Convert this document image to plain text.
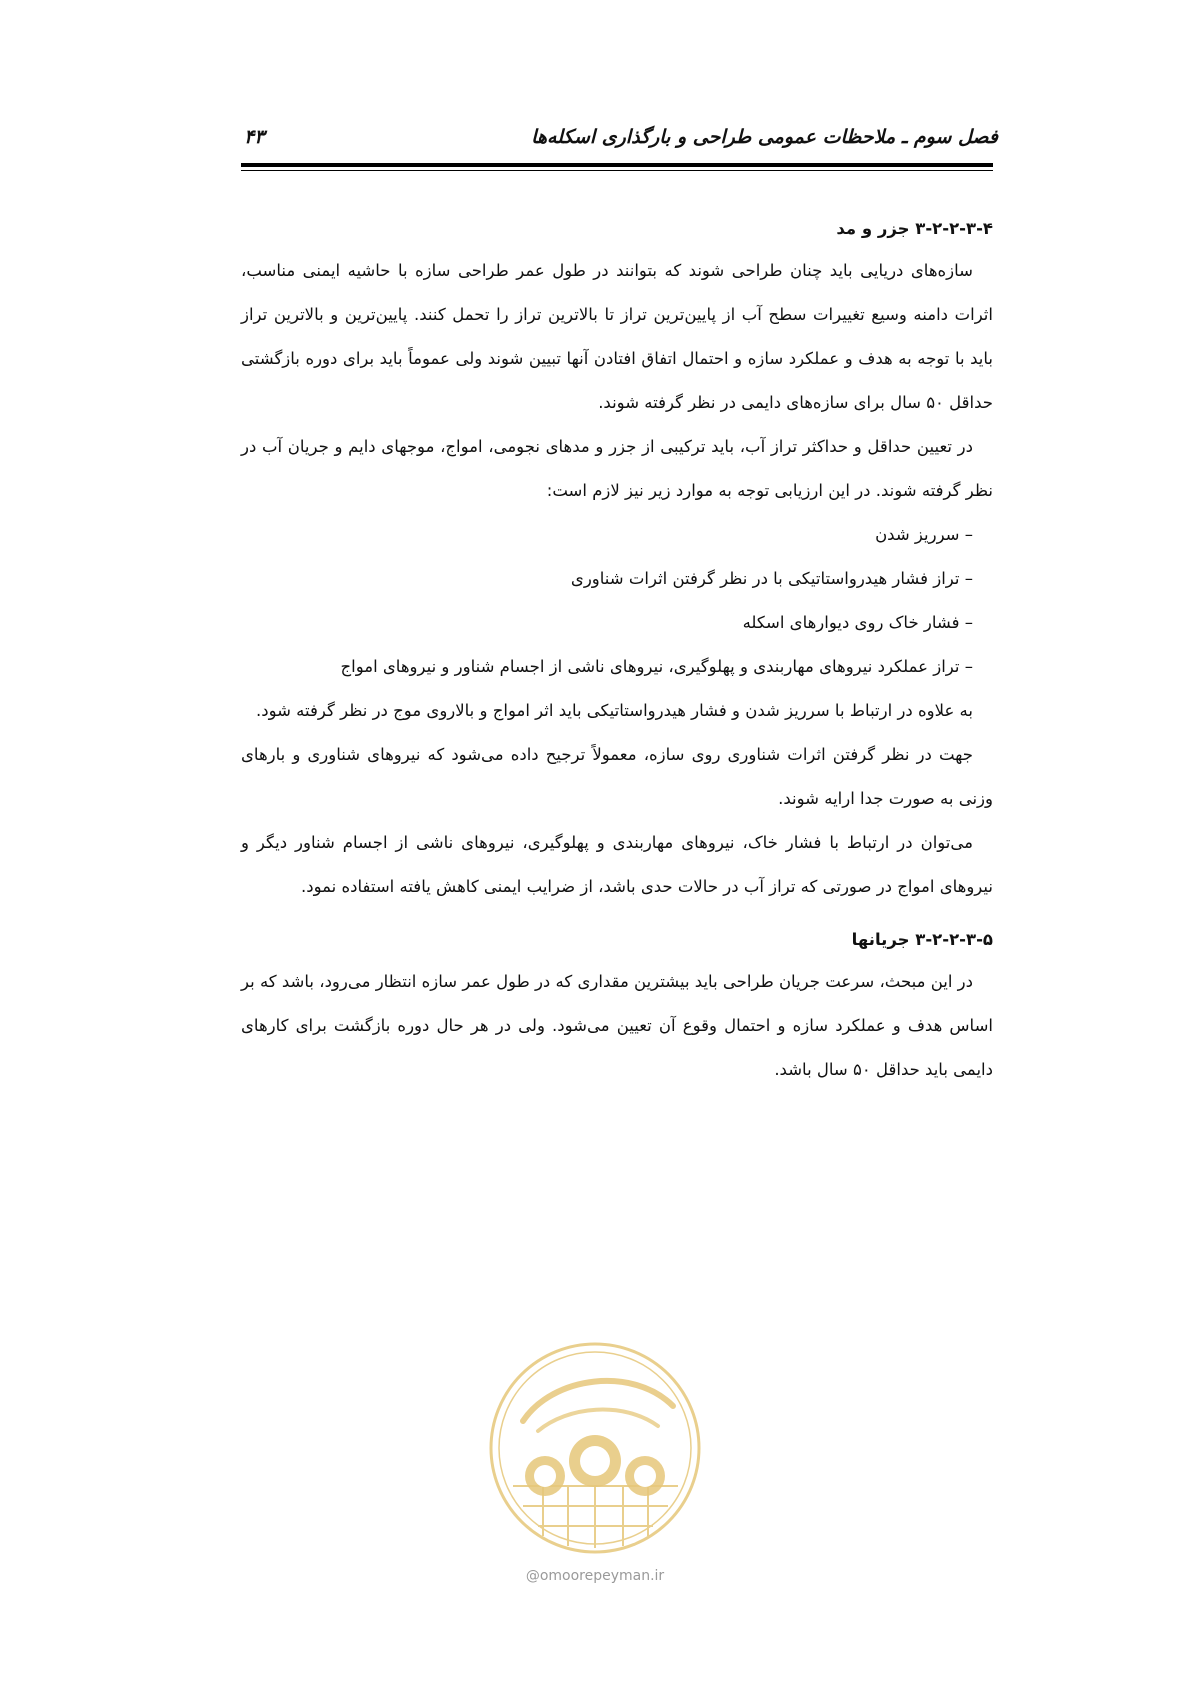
فصل سوم ـ ملاحظات عمومی طراحی و بارگذاری اسکله‌ها
۴۳
۳-۲-۲-۳-۴ جزر و مد

سازه‌های دریایی باید چنان طراحی شوند که بتوانند در طول عمر طراحی سازه با حاشیه ایمنی مناسب، اثرات دامنه وسیع تغییرات سطح آب از پایین‌ترین تراز تا بالاترین تراز را تحمل کنند. پایین‌ترین و بالاترین تراز باید با توجه به هدف و عملکرد سازه و احتمال اتفاق افتادن آنها تبیین شوند ولی عموماً باید برای دوره بازگشتی حداقل ۵۰ سال برای سازه‌های دایمی در نظر گرفته شوند.

در تعیین حداقل و حداکثر تراز آب، باید ترکیبی از جزر و مدهای نجومی، امواج، موجهای دایم و جریان آب در نظر گرفته شوند. در این ارزیابی توجه به موارد زیر نیز لازم است:

– سرریز شدن

– تراز فشار هیدرواستاتیکی با در نظر گرفتن اثرات شناوری

– فشار خاک روی دیوارهای اسکله

– تراز عملکرد نیروهای مهاربندی و پهلوگیری، نیروهای ناشی از اجسام شناور و نیروهای امواج

به علاوه در ارتباط با سرریز شدن و فشار هیدرواستاتیکی باید اثر امواج و بالاروی موج در نظر گرفته شود.

جهت در نظر گرفتن اثرات شناوری روی سازه، معمولاً ترجیح داده می‌شود که نیروهای شناوری و بارهای وزنی به صورت جدا ارایه شوند.

می‌توان در ارتباط با فشار خاک، نیروهای مهاربندی و پهلوگیری، نیروهای ناشی از اجسام شناور دیگر و نیروهای امواج در صورتی که تراز آب در حالات حدی باشد، از ضرایب ایمنی کاهش یافته استفاده نمود.

۳-۲-۲-۳-۵ جریانها

در این مبحث، سرعت جریان طراحی باید بیشترین مقداری که در طول عمر سازه انتظار می‌رود، باشد که بر اساس هدف و عملکرد سازه و احتمال وقوع آن تعیین می‌شود. ولی در هر حال دوره بازگشت برای کارهای دایمی باید حداقل ۵۰ سال باشد.

@omoorepeyman.ir
